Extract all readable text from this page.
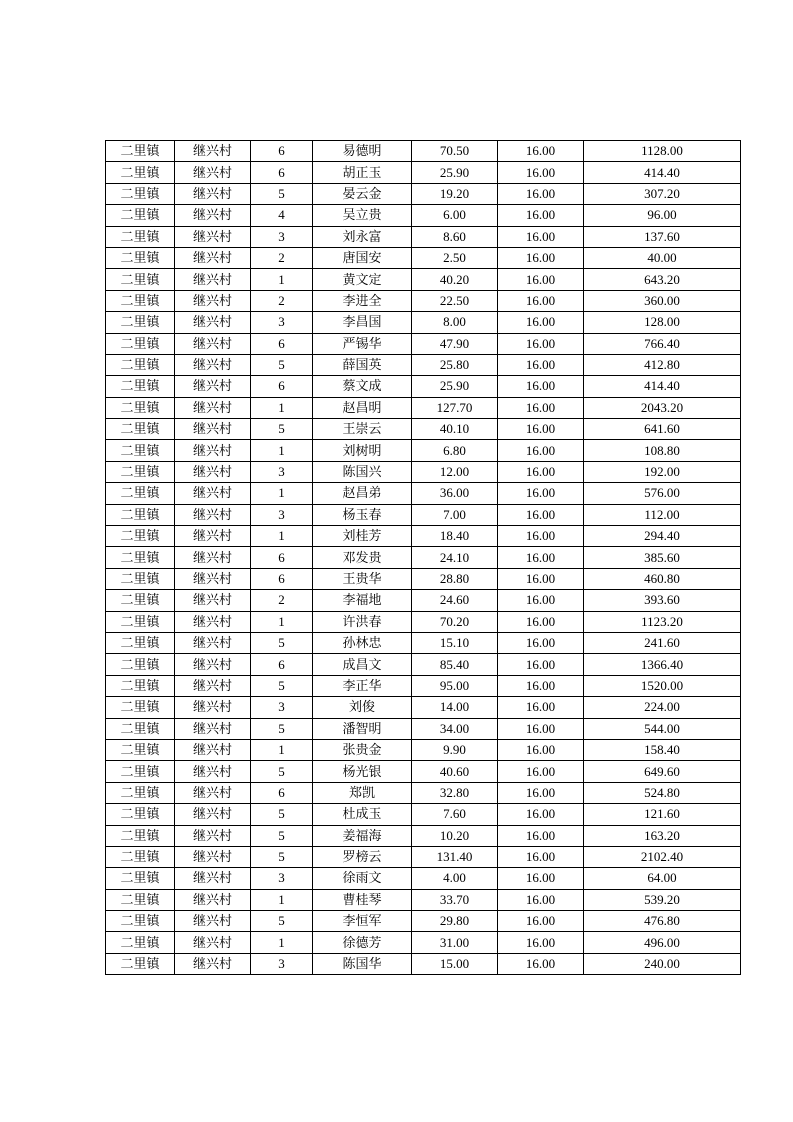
二里镇	继兴村	6	易德明	70.50	16.00	1128.00
二里镇	继兴村	6	胡正玉	25.90	16.00	414.40
二里镇	继兴村	5	晏云金	19.20	16.00	307.20
二里镇	继兴村	4	吴立贵	6.00	16.00	96.00
二里镇	继兴村	3	刘永富	8.60	16.00	137.60
二里镇	继兴村	2	唐国安	2.50	16.00	40.00
二里镇	继兴村	1	黄文定	40.20	16.00	643.20
二里镇	继兴村	2	李进全	22.50	16.00	360.00
二里镇	继兴村	3	李昌国	8.00	16.00	128.00
二里镇	继兴村	6	严锡华	47.90	16.00	766.40
二里镇	继兴村	5	薛国英	25.80	16.00	412.80
二里镇	继兴村	6	蔡文成	25.90	16.00	414.40
二里镇	继兴村	1	赵昌明	127.70	16.00	2043.20
二里镇	继兴村	5	王崇云	40.10	16.00	641.60
二里镇	继兴村	1	刘树明	6.80	16.00	108.80
二里镇	继兴村	3	陈国兴	12.00	16.00	192.00
二里镇	继兴村	1	赵昌弟	36.00	16.00	576.00
二里镇	继兴村	3	杨玉春	7.00	16.00	112.00
二里镇	继兴村	1	刘桂芳	18.40	16.00	294.40
二里镇	继兴村	6	邓发贵	24.10	16.00	385.60
二里镇	继兴村	6	王贵华	28.80	16.00	460.80
二里镇	继兴村	2	李福地	24.60	16.00	393.60
二里镇	继兴村	1	许洪春	70.20	16.00	1123.20
二里镇	继兴村	5	孙林忠	15.10	16.00	241.60
二里镇	继兴村	6	成昌文	85.40	16.00	1366.40
二里镇	继兴村	5	李正华	95.00	16.00	1520.00
二里镇	继兴村	3	刘俊	14.00	16.00	224.00
二里镇	继兴村	5	潘智明	34.00	16.00	544.00
二里镇	继兴村	1	张贵金	9.90	16.00	158.40
二里镇	继兴村	5	杨光银	40.60	16.00	649.60
二里镇	继兴村	6	郑凯	32.80	16.00	524.80
二里镇	继兴村	5	杜成玉	7.60	16.00	121.60
二里镇	继兴村	5	姜福海	10.20	16.00	163.20
二里镇	继兴村	5	罗榜云	131.40	16.00	2102.40
二里镇	继兴村	3	徐雨文	4.00	16.00	64.00
二里镇	继兴村	1	曹桂琴	33.70	16.00	539.20
二里镇	继兴村	5	李恒军	29.80	16.00	476.80
二里镇	继兴村	1	徐德芳	31.00	16.00	496.00
二里镇	继兴村	3	陈国华	15.00	16.00	240.00
